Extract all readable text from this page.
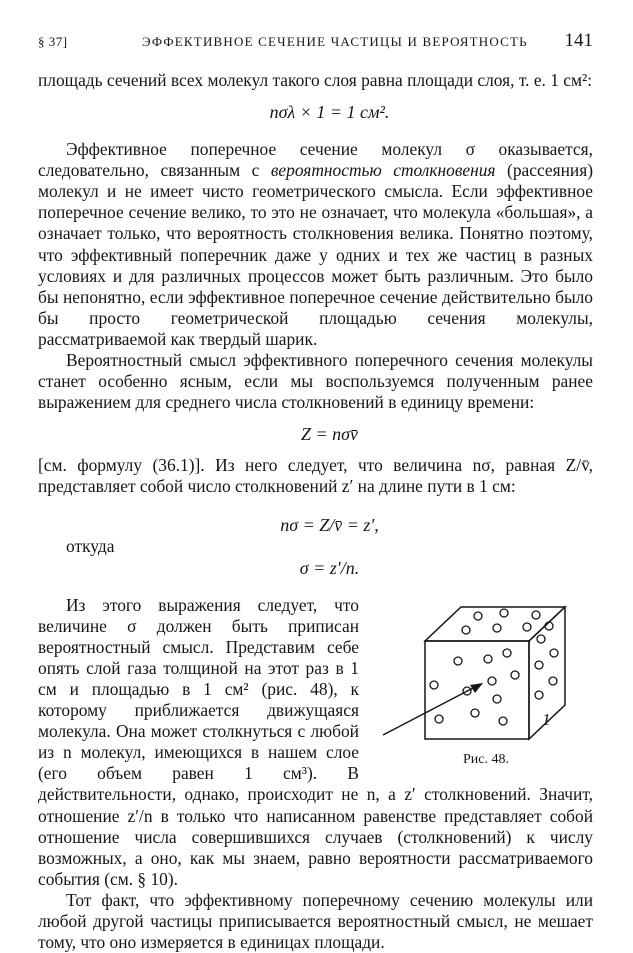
§ 37]	ЭФФЕКТИВНОЕ СЕЧЕНИЕ ЧАСТИЦЫ И ВЕРОЯТНОСТЬ 141

площадь сечений всех молекул такого слоя равна площади слоя, т. е. 1 см²:

nσλ × 1 = 1 см².

Эффективное поперечное сечение молекул σ оказывается, следовательно, связанным с вероятностью столкновения (рассеяния) молекул и не имеет чисто геометрического смысла. Если эффективное поперечное сечение велико, то это не означает, что молекула «большая», а означает только, что вероятность столкновения велика. Понятно поэтому, что эффективный поперечник даже у одних и тех же частиц в разных условиях и для различных процессов может быть различным. Это было бы непонятно, если эффективное поперечное сечение действительно было бы просто геометрической площадью сечения молекулы, рассматриваемой как твердый шарик.

Вероятностный смысл эффективного поперечного сечения молекулы станет особенно ясным, если мы воспользуемся полученным ранее выражением для среднего числа столкновений в единицу времени:

Z = nσv̄

[см. формулу (36.1)]. Из него следует, что величина nσ, равная Z/v̄, представляет собой число столкновений z′ на длине пути в 1 см:

nσ = Z/v̄ = z′,

откуда

σ = z′/n.

1
Рис. 48.
Из этого выражения следует, что величине σ должен быть приписан вероятностный смысл. Представим себе опять слой газа толщиной на этот раз в 1 см и площадью в 1 см² (рис. 48), к которому приближается движущаяся молекула. Она может столкнуться с любой из n молекул, имеющихся в нашем слое (его объем равен 1 см³). В действительности, однако, происходит не n, а z′ столкновений. Значит, отношение z′/n в только что написанном равенстве представляет собой отношение числа совершившихся случаев (столкновений) к числу возможных, а оно, как мы знаем, равно вероятности рассматриваемого события (см. § 10).

Тот факт, что эффективному поперечному сечению молекулы или любой другой частицы приписывается вероятностный смысл, не мешает тому, что оно измеряется в единицах площади.
